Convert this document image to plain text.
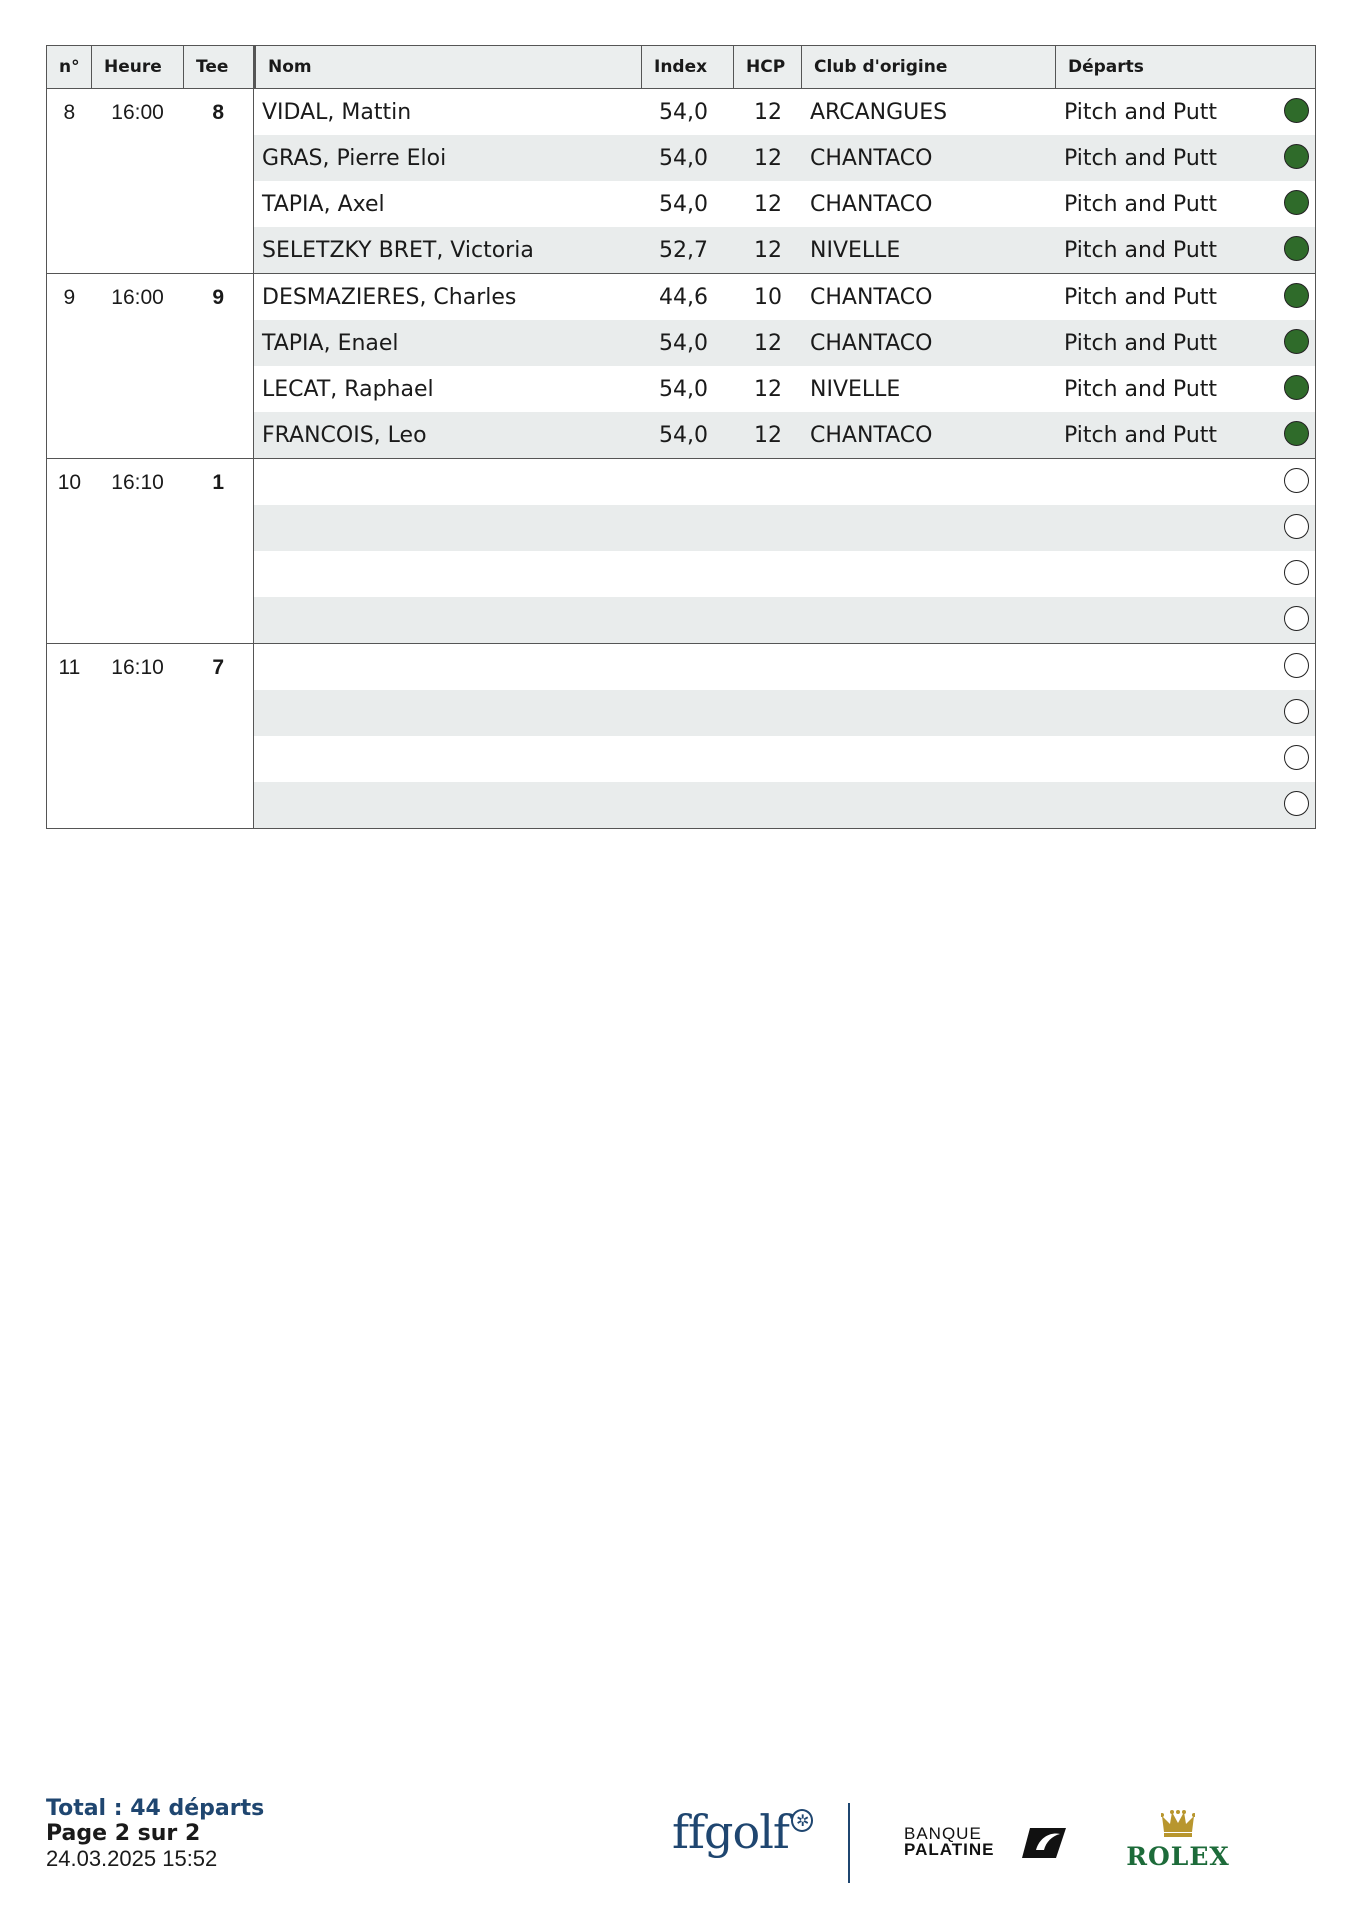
n°	Heure	Tee	Nom	Index	HCP	Club d'origine	Départs
8	16:00	8	VIDAL, Mattin	54,0	12	ARCANGUES	Pitch and Putt
GRAS, Pierre Eloi	54,0	12	CHANTACO	Pitch and Putt
TAPIA, Axel	54,0	12	CHANTACO	Pitch and Putt
SELETZKY BRET, Victoria	52,7	12	NIVELLE	Pitch and Putt
9	16:00	9	DESMAZIERES, Charles	44,6	10	CHANTACO	Pitch and Putt
TAPIA, Enael	54,0	12	CHANTACO	Pitch and Putt
LECAT, Raphael	54,0	12	NIVELLE	Pitch and Putt
FRANCOIS, Leo	54,0	12	CHANTACO	Pitch and Putt
10	16:10	1
11	16:10	7
Total : 44 départs
Page 2 sur 2
24.03.2025 15:52	ffgolf ✲
BANQUE
PALATINE	ROLEX
